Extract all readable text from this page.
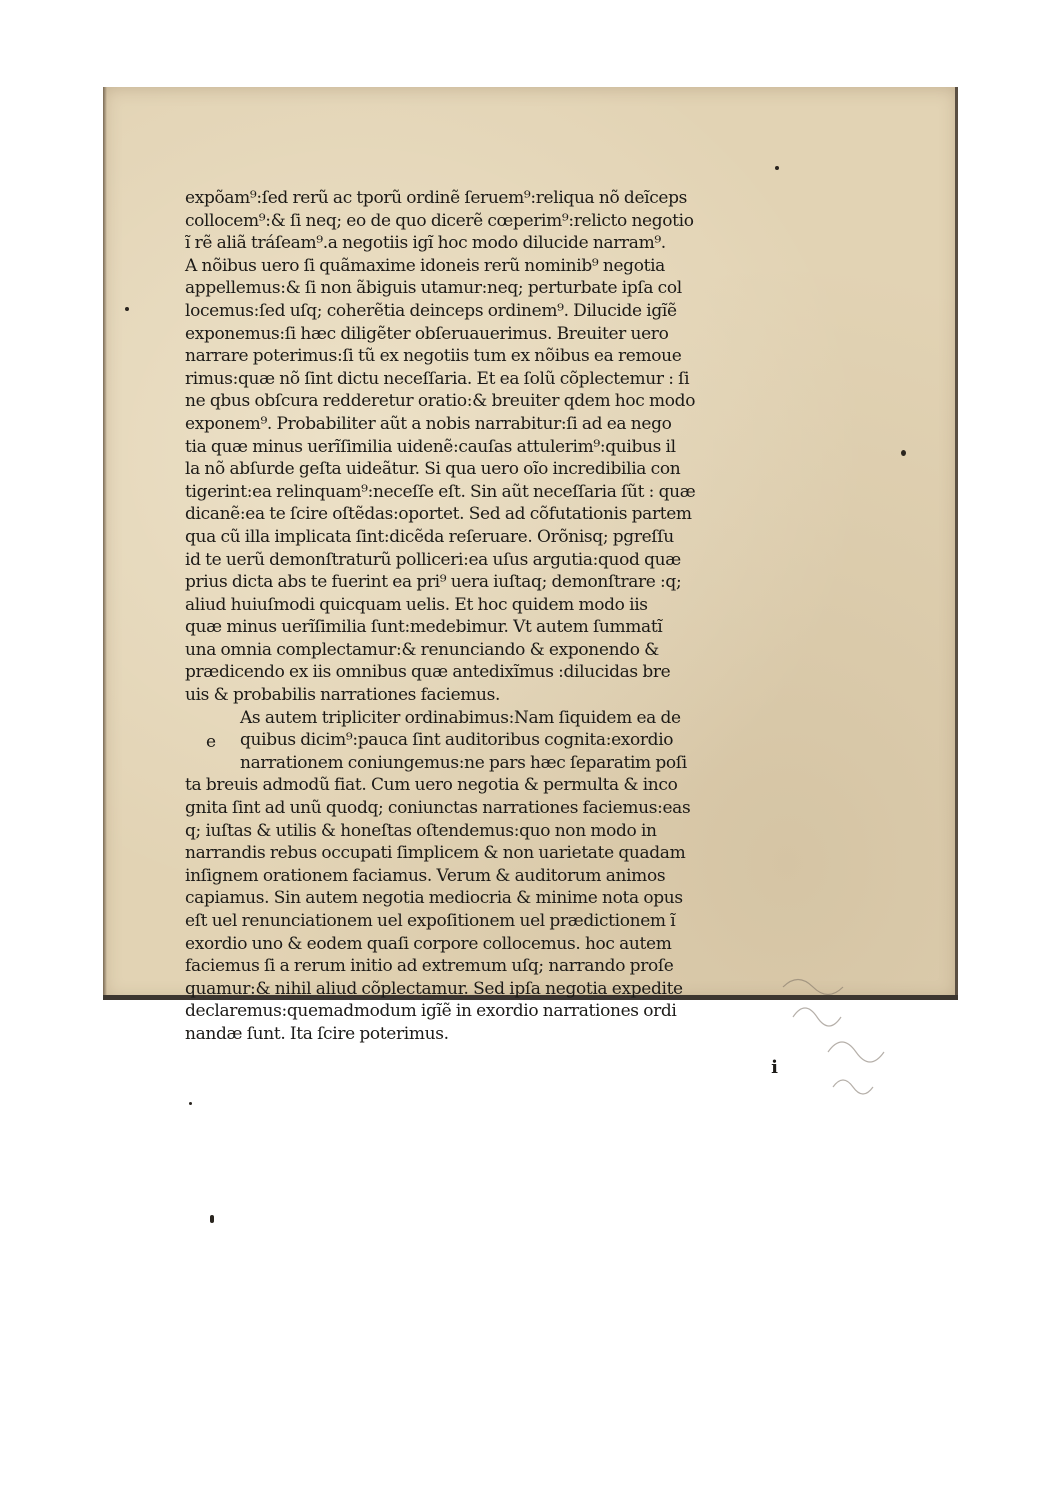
expõam⁹:ſed rerũ ac tporũ ordinẽ ſeruem⁹:reliqua nõ deĩceps
collocem⁹:& ſi neq; eo de quo dicerẽ cœperim⁹:relicto negotio
ĩ rẽ aliã tráſeam⁹.a negotiis igĩ hoc modo dilucide narram⁹.
A nõibus uero ſi quãmaxime idoneis rerũ nominib⁹ negotia
appellemus:& ſi non ãbiguis utamur:neq; perturbate ipſa col
locemus:ſed uſq; coherẽtia deinceps ordinem⁹. Dilucide igĩẽ
exponemus:ſi hæc diligẽter obſeruauerimus. Breuiter uero
narrare poterimus:ſi tũ ex negotiis tum ex nõibus ea remoue
rimus:quæ nõ ſint dictu neceſſaria. Et ea ſolũ cõplectemur : ſi
ne qbus obſcura redderetur oratio:& breuiter qdem hoc modo
exponem⁹. Probabiliter aũt a nobis narrabitur:ſi ad ea nego
tia quæ minus uerĩſimilia uidenẽ:cauſas attulerim⁹:quibus il
la nõ abſurde geſta uideãtur. Si qua uero oĩo incredibilia con
tigerint:ea relinquam⁹:neceſſe eſt. Sin aũt neceſſaria ſũt : quæ
dicanẽ:ea te ſcire oſtẽdas:oportet. Sed ad cõfutationis partem
qua cũ illa implicata ſint:dicẽda reſeruare. Orõnisq; pgreſſu
id te uerũ demonſtraturũ polliceri:ea uſus argutia:quod quæ
prius dicta abs te fuerint ea pri⁹ uera iuſtaq; demonſtrare :q;
aliud huiuſmodi quicquam uelis. Et hoc quidem modo iis
quæ minus uerĩſimilia ſunt:medebimur. Vt autem ſummatĩ
una omnia complectamur:& renunciando & exponendo &
prædicendo ex iis omnibus quæ antedixĩmus :dilucidas bre
uis & probabilis narrationes faciemus.
As autem tripliciter ordinabimus:Nam ſiquidem ea de
quibus dicim⁹:pauca ſint auditoribus cognita:exordio
narrationem coniungemus:ne pars hæc ſeparatim poſi
ta breuis admodũ fiat. Cum uero negotia & permulta & inco
gnita ſint ad unũ quodq; coniunctas narrationes faciemus:eas
q; iuſtas & utilis & honeſtas oſtendemus:quo non modo in
narrandis rebus occupati ſimplicem & non uarietate quadam
inſignem orationem faciamus. Verum & auditorum animos
capiamus. Sin autem negotia mediocria & minime nota opus
eſt uel renunciationem uel expoſitionem uel prædictionem ĩ
exordio uno & eodem quaſi corpore collocemus. hoc autem
faciemus ſi a rerum initio ad extremum uſq; narrando proſe
quamur:& nihil aliud cõplectamur. Sed ipſa negotia expedite
declaremus:quemadmodum igĩẽ in exordio narrationes ordi
nandæ ſunt. Ita ſcire poterimus.
e
i
